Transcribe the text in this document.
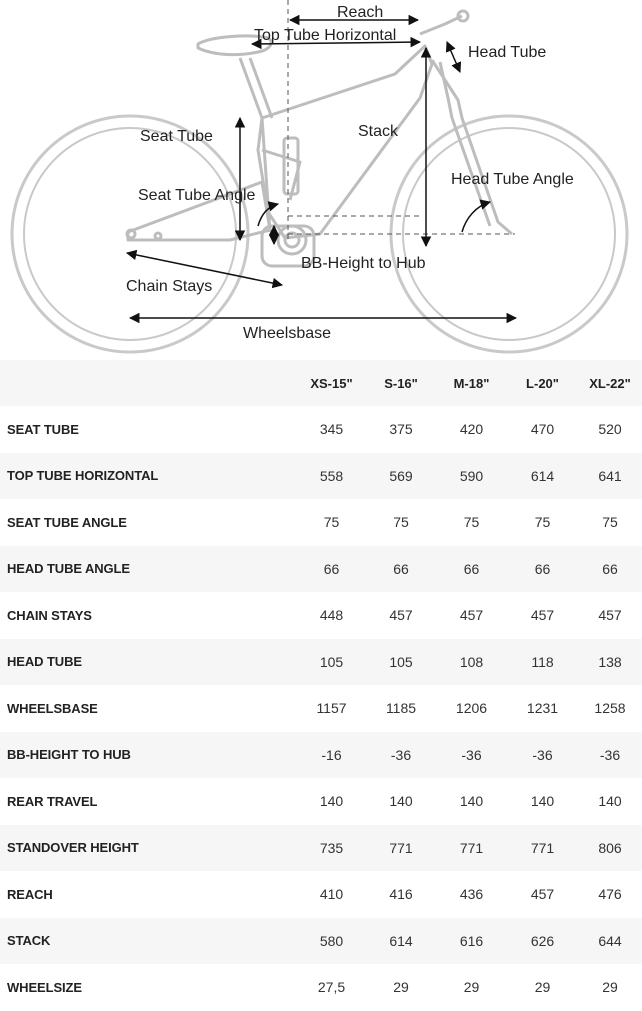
Reach
Top Tube Horizontal
Head Tube
Seat Tube	Stack
Seat Tube Angle
Head Tube Angle
BB-Height to Hub
Chain Stays
Wheelsbase
	XS-15"	S-16"	M-18"	L-20"	XL-22"
SEAT TUBE	345	375	420	470	520
TOP TUBE HORIZONTAL	558	569	590	614	641
SEAT TUBE ANGLE	75	75	75	75	75
HEAD TUBE ANGLE	66	66	66	66	66
CHAIN STAYS	448	457	457	457	457
HEAD TUBE	105	105	108	118	138
WHEELSBASE	1157	1185	1206	1231	1258
BB-HEIGHT TO HUB	-16	-36	-36	-36	-36
REAR TRAVEL	140	140	140	140	140
STANDOVER HEIGHT	735	771	771	771	806
REACH	410	416	436	457	476
STACK	580	614	616	626	644
WHEELSIZE	27,5	29	29	29	29
